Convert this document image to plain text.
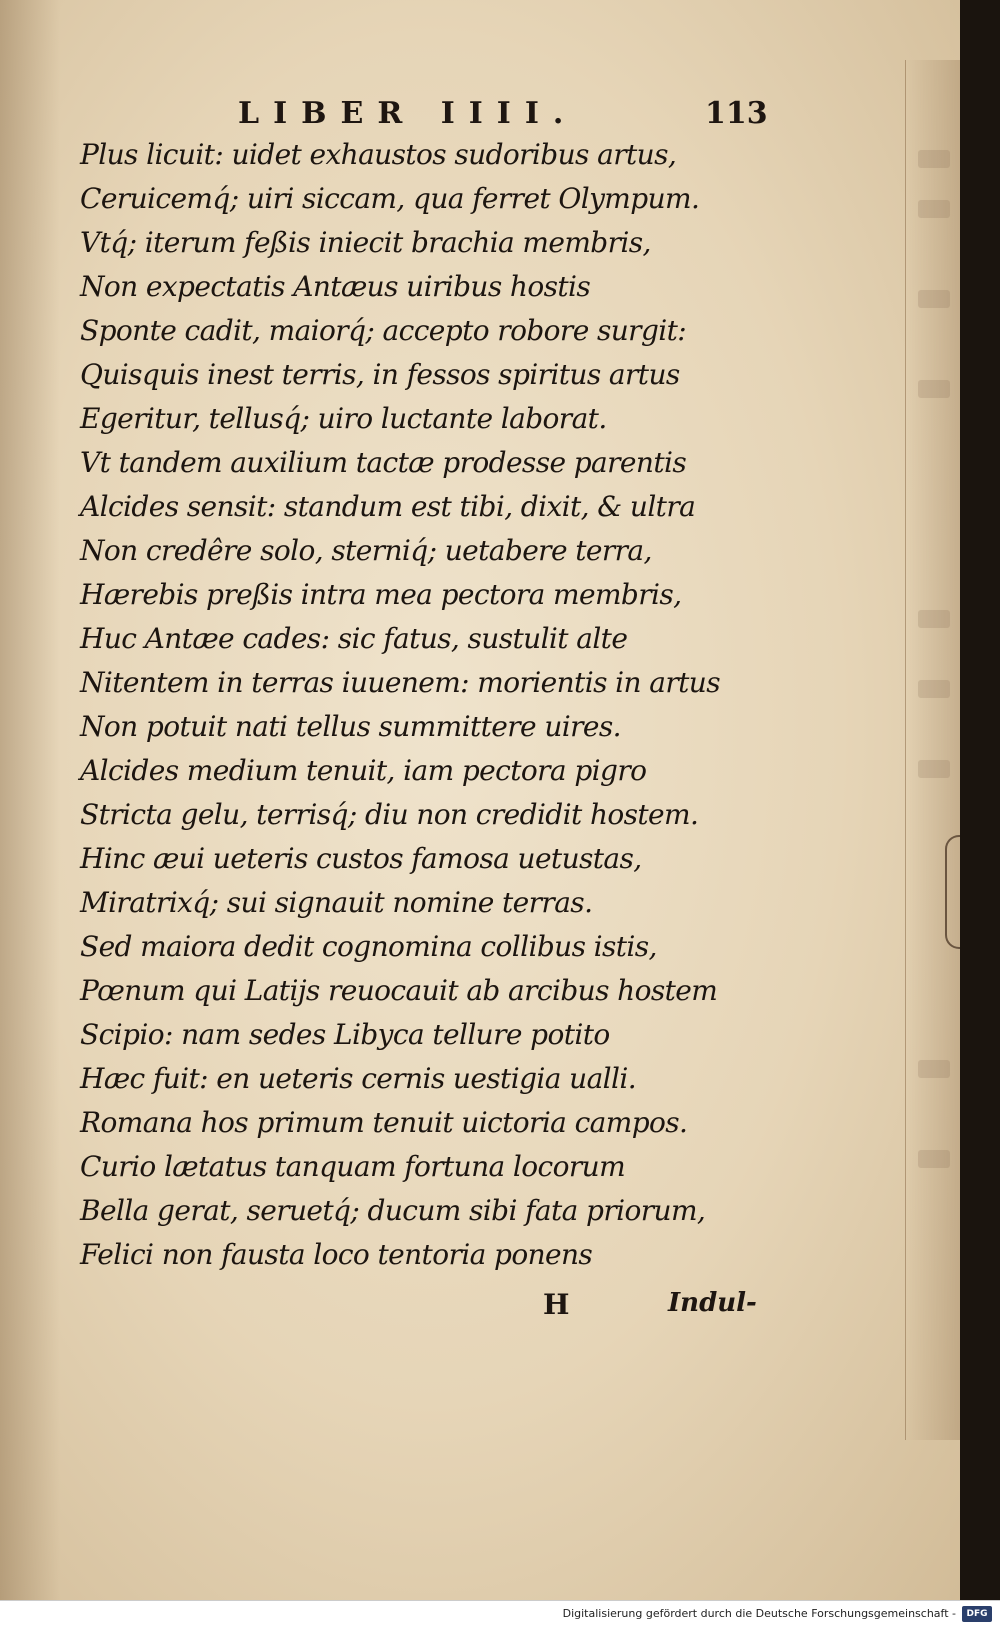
LIBER IIII.	113
Plus licuit: uidet exhaustos sudoribus artus,
Ceruicemq́; uiri siccam, qua ferret Olympum.
Vtq́; iterum feßis iniecit brachia membris,
Non expectatis Antæus uiribus hostis
Sponte cadit, maiorq́; accepto robore surgit:
Quisquis inest terris, in fessos spiritus artus
Egeritur, tellusq́; uiro luctante laborat.
Vt tandem auxilium tactæ prodesse parentis
Alcides sensit: standum est tibi, dixit, & ultra
Non credêre solo, sterniq́; uetabere terra,
Hærebis preßis intra mea pectora membris,
Huc Antæe cades: sic fatus, sustulit alte
Nitentem in terras iuuenem: morientis in artus
Non potuit nati tellus summittere uires.
Alcides medium tenuit, iam pectora pigro
Stricta gelu, terrisq́; diu non credidit hostem.
Hinc æui ueteris custos famosa uetustas,
Miratrixq́; sui signauit nomine terras.
Sed maiora dedit cognomina collibus istis,
Pœnum qui Latijs reuocauit ab arcibus hostem
Scipio: nam sedes Libyca tellure potito
Hæc fuit: en ueteris cernis uestigia ualli.
Romana hos primum tenuit uictoria campos.
Curio lætatus tanquam fortuna locorum
Bella gerat, seruetq́; ducum sibi fata priorum,
Felici non fausta loco tentoria ponens
H	Indul-
Digitalisierung gefördert durch die Deutsche Forschungsgemeinschaft -	DFG
